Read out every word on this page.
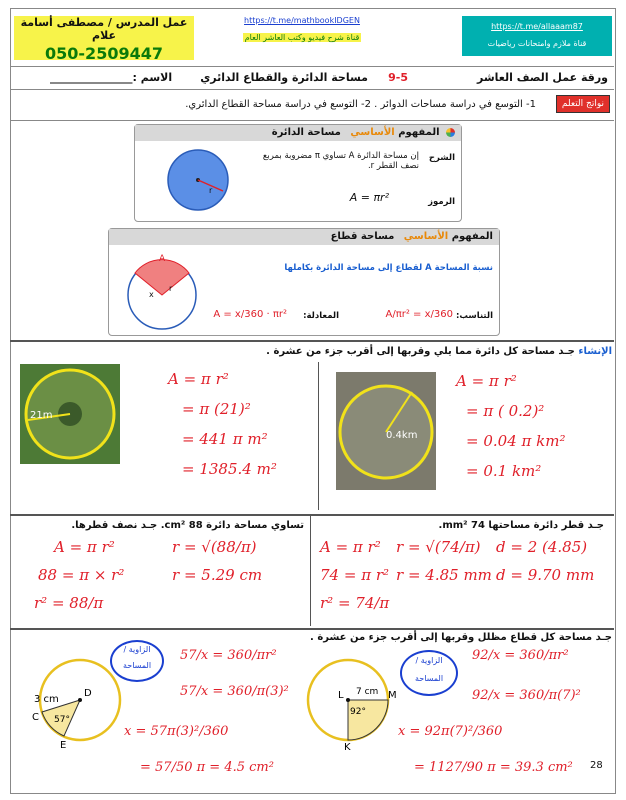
عمل المدرس / مصطفى أسامة علام
050-2509447
https://t.me/mathbookIDGEN
قناة شرح فيديو وكتب العاشر العام
https://t.me/allaaam87
قناة ملازم وامتحانات رياضيات
ورقة عمل الصف العاشر
9-5
مساحة الدائرة والقطاع الدائري
الاسم :_______________
نواتج التعلم
1- التوسع في دراسة مساحات الدوائر . 2- التوسع في دراسة مساحة القطاع الدائري.
المفهوم الأساسي مساحة الدائرة
r
الشرح
إن مساحة الدائرة A تساوي π مضروبة بمربع نصف القطر r.
الرموز
A = πr²
المفهوم الأساسي مساحة قطاع
A
x
r
نسبة المساحة A لقطاع إلى مساحة الدائرة بكاملها
المعادلة:
A = x/360 · πr²	التناسب:
A/πr² = x/360
الإنشاء جـد مساحة كل دائرة مما يلي وقربها إلى أقرب جزء من عشرة .
21m
0.4km
A = π r²
= π (21)²
= 441 π m²
= 1385.4 m²
A = π r²
= π ( 0.2)²
= 0.04 π km²
= 0.1 km²
تساوي مساحة دائرة 88 cm². جـد نصف قطرها.	جـد قطر دائرة مساحتها 74 mm².
A = π r²
88 = π × r²
r² = 88/π
r = √(88/π)
r = 5.29 cm
A = π r²
74 = π r²
r² = 74/π
r = √(74/π)
r = 4.85 mm
d = 2 (4.85)
d = 9.70 mm
جـد مساحة كل قطاع مظلل وقربها إلى أقرب جزء من عشرة .
D
C
E
3 cm
57°
L	M
K
7 cm
92°
الزاوية / المساحة
الزاوية / المساحة
57/x = 360/πr²
57/x = 360/π(3)²
x = 57π(3)²/360
= 57/50 π = 4.5 cm²
92/x = 360/πr²
92/x = 360/π(7)²
x = 92π(7)²/360
= 1127/90 π = 39.3 cm² 28
